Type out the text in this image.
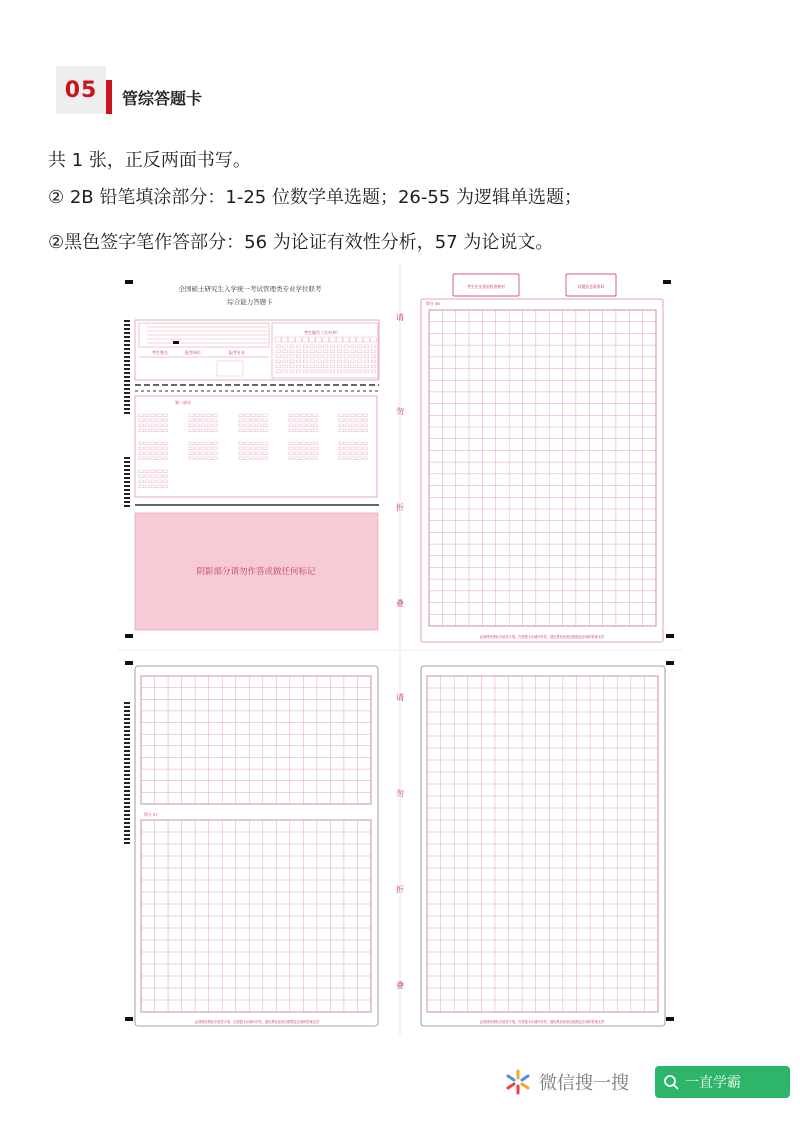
05 管综答题卡
共 1 张，正反两面书写。
② 2B 铅笔填涂部分：1-25 位数学单选题；26-55 为逻辑单选题；
②黑色签字笔作答部分：56 为论证有效性分析，57 为论说文。
全国硕士研究生入学统一考试管理类专业学位联考
综合能力答题卡
考生编号（左对齐）
考生签名	报考单位	报考专业
第一部分
阴影部分请勿作答或做任何标记
考生在交卷前检查核对	试题信息条形码
得分 56
必须使用黑色字迹签字笔，在答题卡区域内作答，超出黑色矩形边框限定区域的答案无效
得分 57
必须使用黑色字迹签字笔，在答题卡区域内作答，超出黑色矩形边框限定区域的答案无效	必须使用黑色字迹签字笔，在答题卡区域内作答，超出黑色矩形边框限定区域的答案无效
请
勿
折
叠
请
勿
折
叠
微信搜一搜	一直学霸
